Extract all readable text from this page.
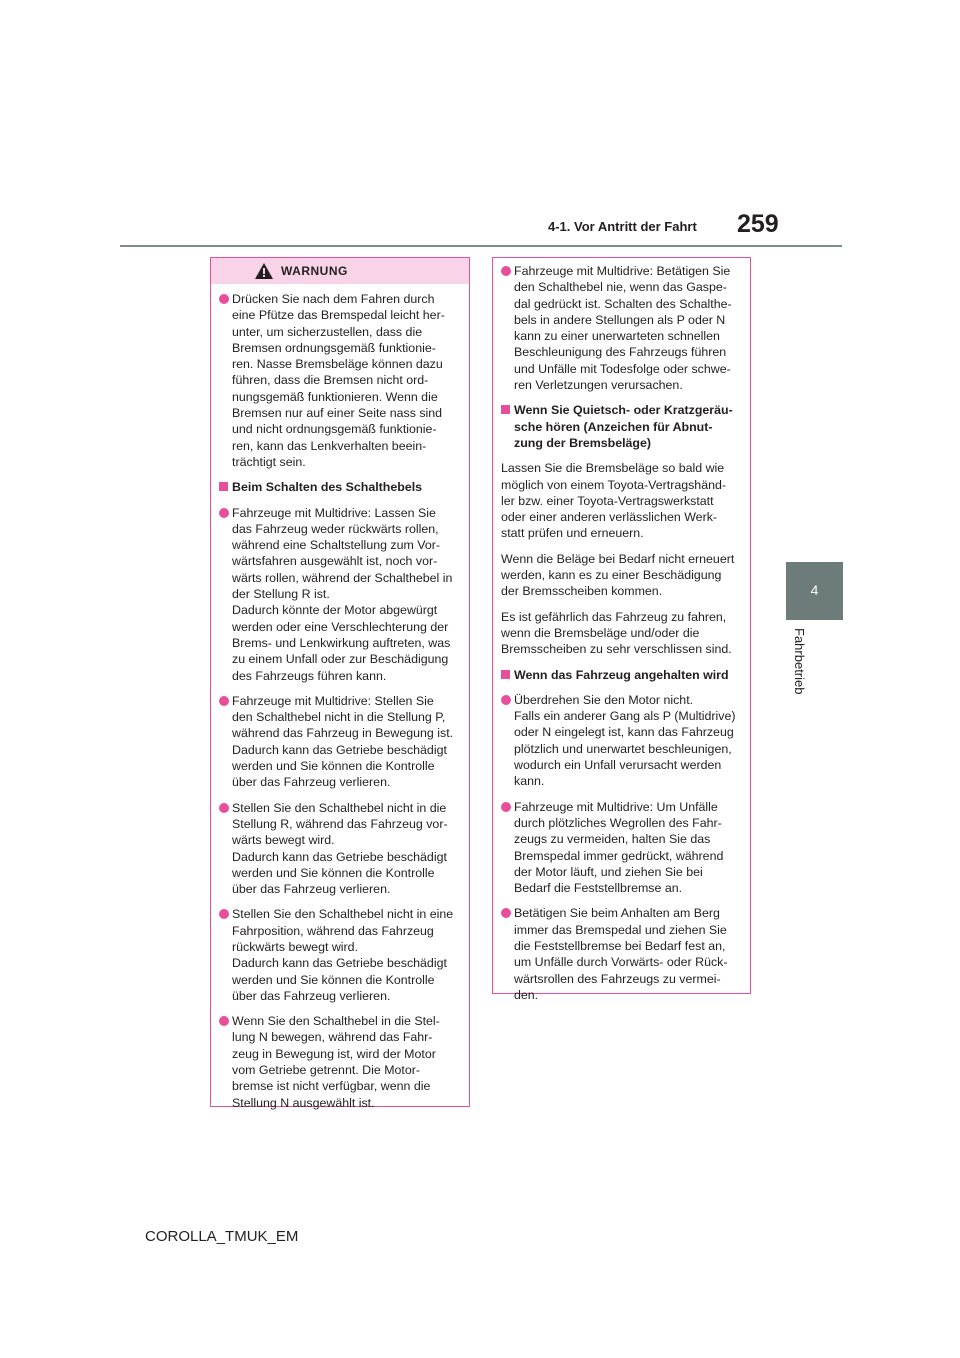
4-1. Vor Antritt der Fahrt 259
4
Fahrbetrieb
WARNUNG
Drücken Sie nach dem Fahren durch
eine Pfütze das Bremspedal leicht her-
unter, um sicherzustellen, dass die
Bremsen ordnungsgemäß funktionie-
ren. Nasse Bremsbeläge können dazu
führen, dass die Bremsen nicht ord-
nungsgemäß funktionieren. Wenn die
Bremsen nur auf einer Seite nass sind
und nicht ordnungsgemäß funktionie-
ren, kann das Lenkverhalten beein-
trächtigt sein.
Beim Schalten des Schalthebels
Fahrzeuge mit Multidrive: Lassen Sie
das Fahrzeug weder rückwärts rollen,
während eine Schaltstellung zum Vor-
wärtsfahren ausgewählt ist, noch vor-
wärts rollen, während der Schalthebel in
der Stellung R ist.
Dadurch könnte der Motor abgewürgt
werden oder eine Verschlechterung der
Brems- und Lenkwirkung auftreten, was
zu einem Unfall oder zur Beschädigung
des Fahrzeugs führen kann.
Fahrzeuge mit Multidrive: Stellen Sie
den Schalthebel nicht in die Stellung P,
während das Fahrzeug in Bewegung ist.
Dadurch kann das Getriebe beschädigt
werden und Sie können die Kontrolle
über das Fahrzeug verlieren.
Stellen Sie den Schalthebel nicht in die
Stellung R, während das Fahrzeug vor-
wärts bewegt wird.
Dadurch kann das Getriebe beschädigt
werden und Sie können die Kontrolle
über das Fahrzeug verlieren.
Stellen Sie den Schalthebel nicht in eine
Fahrposition, während das Fahrzeug
rückwärts bewegt wird.
Dadurch kann das Getriebe beschädigt
werden und Sie können die Kontrolle
über das Fahrzeug verlieren.
Wenn Sie den Schalthebel in die Stel-
lung N bewegen, während das Fahr-
zeug in Bewegung ist, wird der Motor
vom Getriebe getrennt. Die Motor-
bremse ist nicht verfügbar, wenn die
Stellung N ausgewählt ist.
Fahrzeuge mit Multidrive: Betätigen Sie
den Schalthebel nie, wenn das Gaspe-
dal gedrückt ist. Schalten des Schalthe-
bels in andere Stellungen als P oder N
kann zu einer unerwarteten schnellen
Beschleunigung des Fahrzeugs führen
und Unfälle mit Todesfolge oder schwe-
ren Verletzungen verursachen.
Wenn Sie Quietsch- oder Kratzgeräu-
sche hören (Anzeichen für Abnut-
zung der Bremsbeläge)
Lassen Sie die Bremsbeläge so bald wie
möglich von einem Toyota-Vertragshänd-
ler bzw. einer Toyota-Vertragswerkstatt
oder einer anderen verlässlichen Werk-
statt prüfen und erneuern.
Wenn die Beläge bei Bedarf nicht erneuert
werden, kann es zu einer Beschädigung
der Bremsscheiben kommen.
Es ist gefährlich das Fahrzeug zu fahren,
wenn die Bremsbeläge und/oder die
Bremsscheiben zu sehr verschlissen sind.
Wenn das Fahrzeug angehalten wird
Überdrehen Sie den Motor nicht.
Falls ein anderer Gang als P (Multidrive)
oder N eingelegt ist, kann das Fahrzeug
plötzlich und unerwartet beschleunigen,
wodurch ein Unfall verursacht werden
kann.
Fahrzeuge mit Multidrive: Um Unfälle
durch plötzliches Wegrollen des Fahr-
zeugs zu vermeiden, halten Sie das
Bremspedal immer gedrückt, während
der Motor läuft, und ziehen Sie bei
Bedarf die Feststellbremse an.
Betätigen Sie beim Anhalten am Berg
immer das Bremspedal und ziehen Sie
die Feststellbremse bei Bedarf fest an,
um Unfälle durch Vorwärts- oder Rück-
wärtsrollen des Fahrzeugs zu vermei-
den.
COROLLA_TMUK_EM
